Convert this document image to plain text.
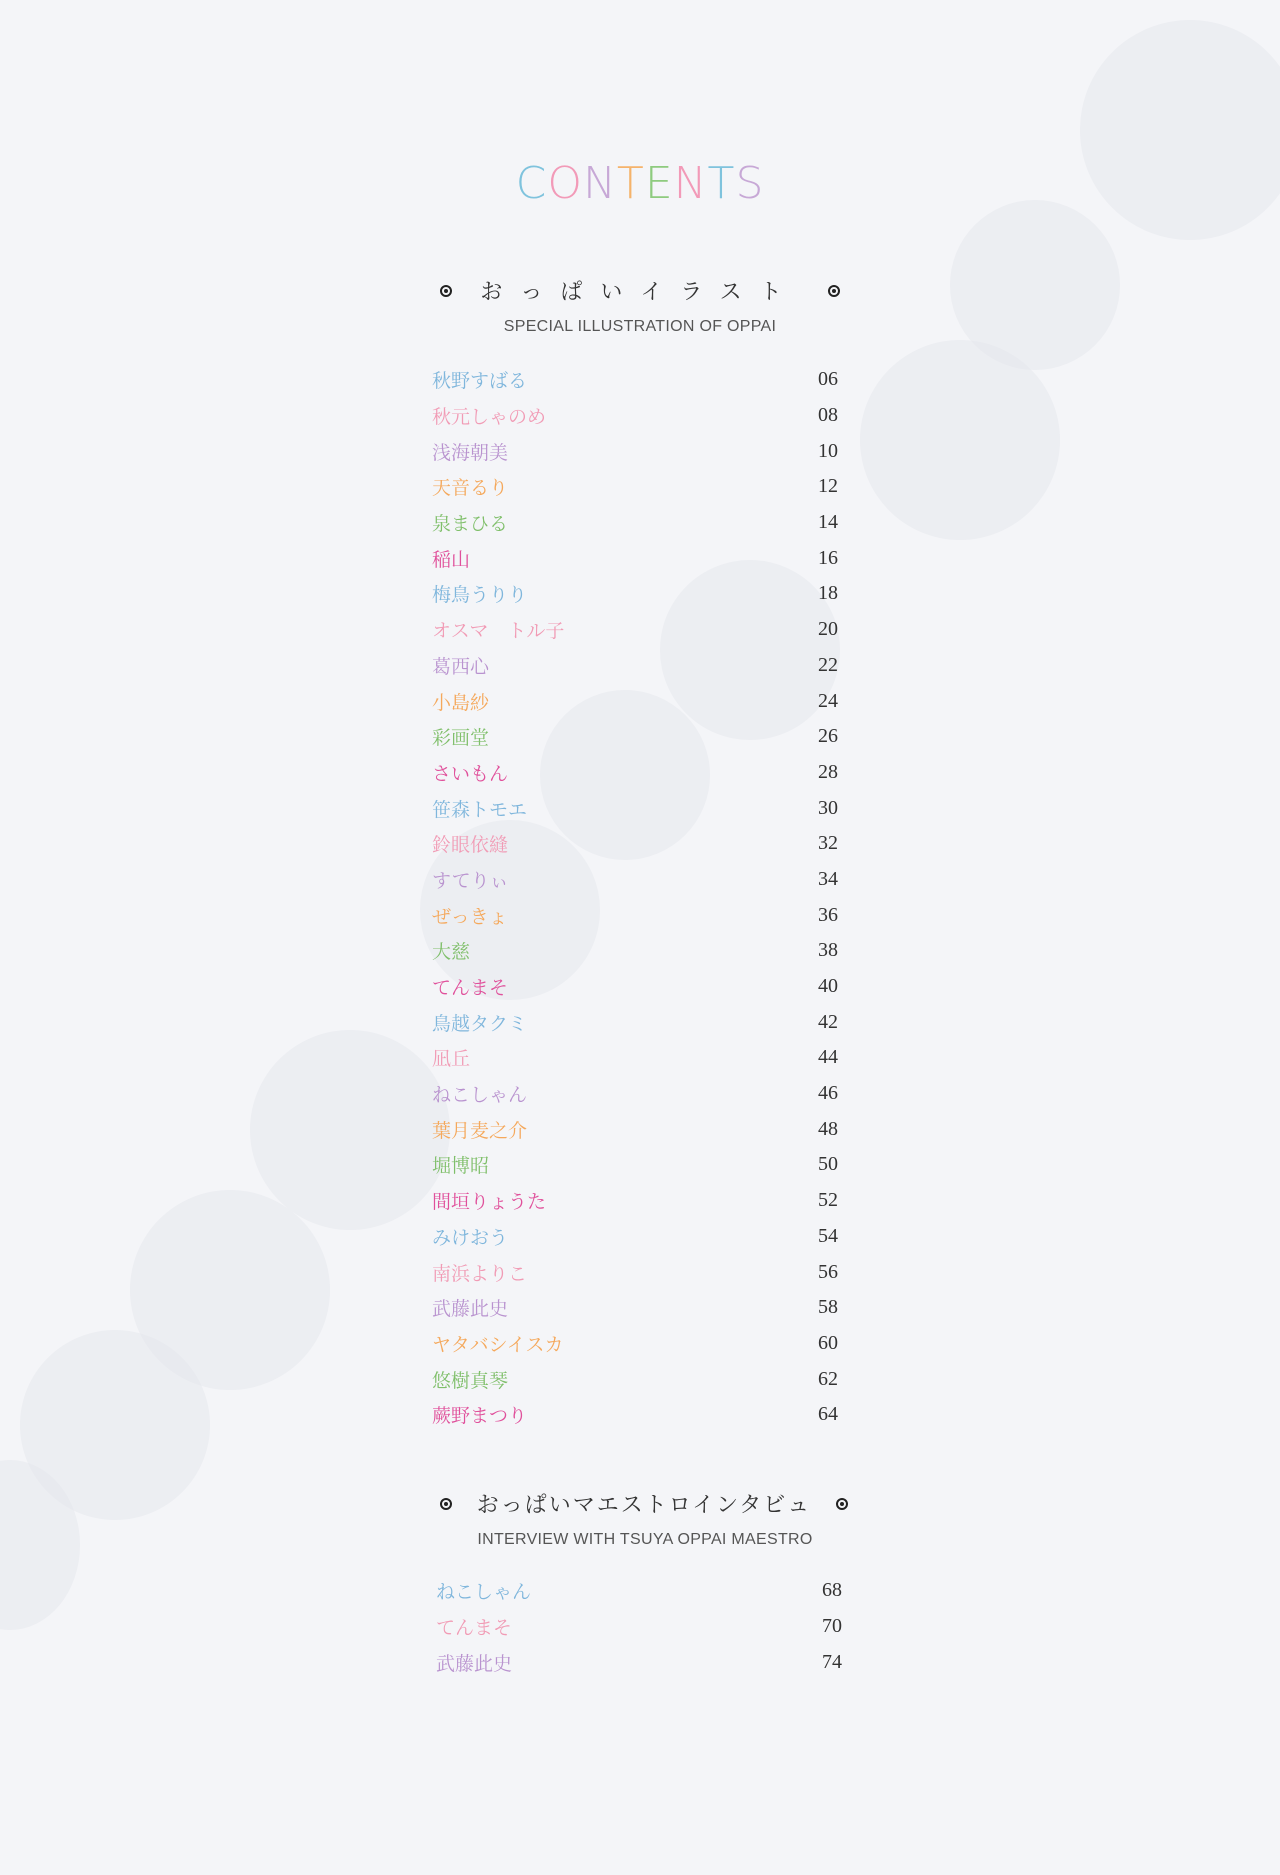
CONTENTS
おっぱいイラスト
SPECIAL ILLUSTRATION OF OPPAI
秋野すばる	06
秋元しゃのめ	08
浅海朝美	10
天音るり	12
泉まひる	14
稲山	16
梅鳥うりり	18
オスマ　トル子	20
葛西心	22
小島紗	24
彩画堂	26
さいもん	28
笹森トモエ	30
鈴眼依縫	32
すてりぃ	34
ぜっきょ	36
大慈	38
てんまそ	40
鳥越タクミ	42
凪丘	44
ねこしゃん	46
葉月麦之介	48
堀博昭	50
間垣りょうた	52
みけおう	54
南浜よりこ	56
武藤此史	58
ヤタバシイスカ	60
悠樹真琴	62
蕨野まつり	64
おっぱいマエストロインタビュ
INTERVIEW WITH TSUYA OPPAI MAESTRO
ねこしゃん	68
てんまそ	70
武藤此史	74
